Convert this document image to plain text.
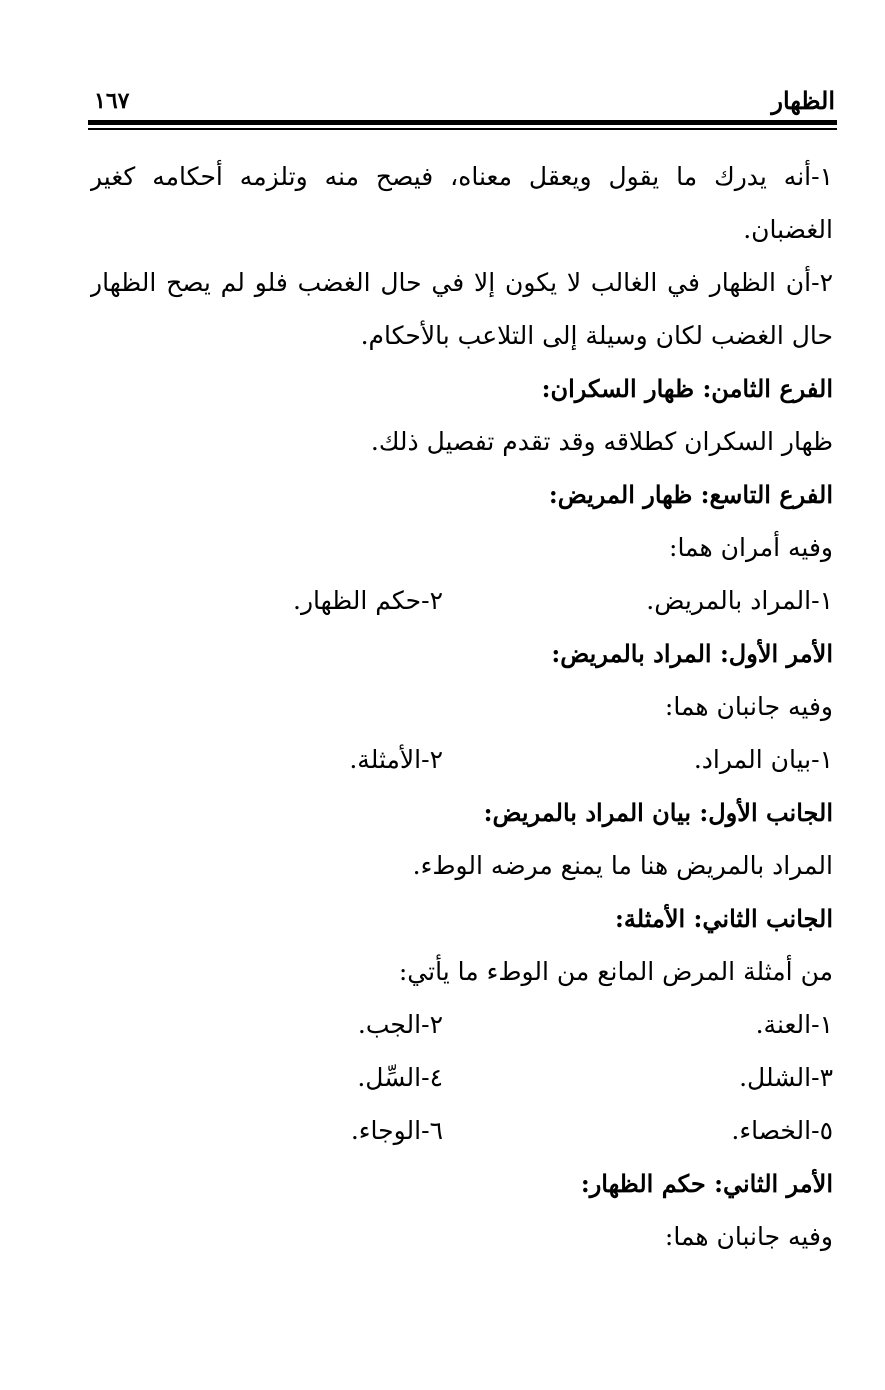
الظهار
١٦٧
١-أنه يدرك ما يقول ويعقل معناه، فيصح منه وتلزمه أحكامه كغير
الغضبان.
٢-أن الظهار في الغالب لا يكون إلا في حال الغضب فلو لم يصح الظهار
حال الغضب لكان وسيلة إلى التلاعب بالأحكام.
الفرع الثامن: ظهار السكران:
ظهار السكران كطلاقه وقد تقدم تفصيل ذلك.
الفرع التاسع: ظهار المريض:
وفيه أمران هما:
١-المراد بالمريض.
٢-حكم الظهار.
الأمر الأول: المراد بالمريض:
وفيه جانبان هما:
١-بيان المراد.
٢-الأمثلة.
الجانب الأول: بيان المراد بالمريض:
المراد بالمريض هنا ما يمنع مرضه الوطء.
الجانب الثاني: الأمثلة:
من أمثلة المرض المانع من الوطء ما يأتي:
١-العنة.
٢-الجب.
٣-الشلل.
٤-السِّل.
٥-الخصاء.
٦-الوجاء.
الأمر الثاني: حكم الظهار:
وفيه جانبان هما:
